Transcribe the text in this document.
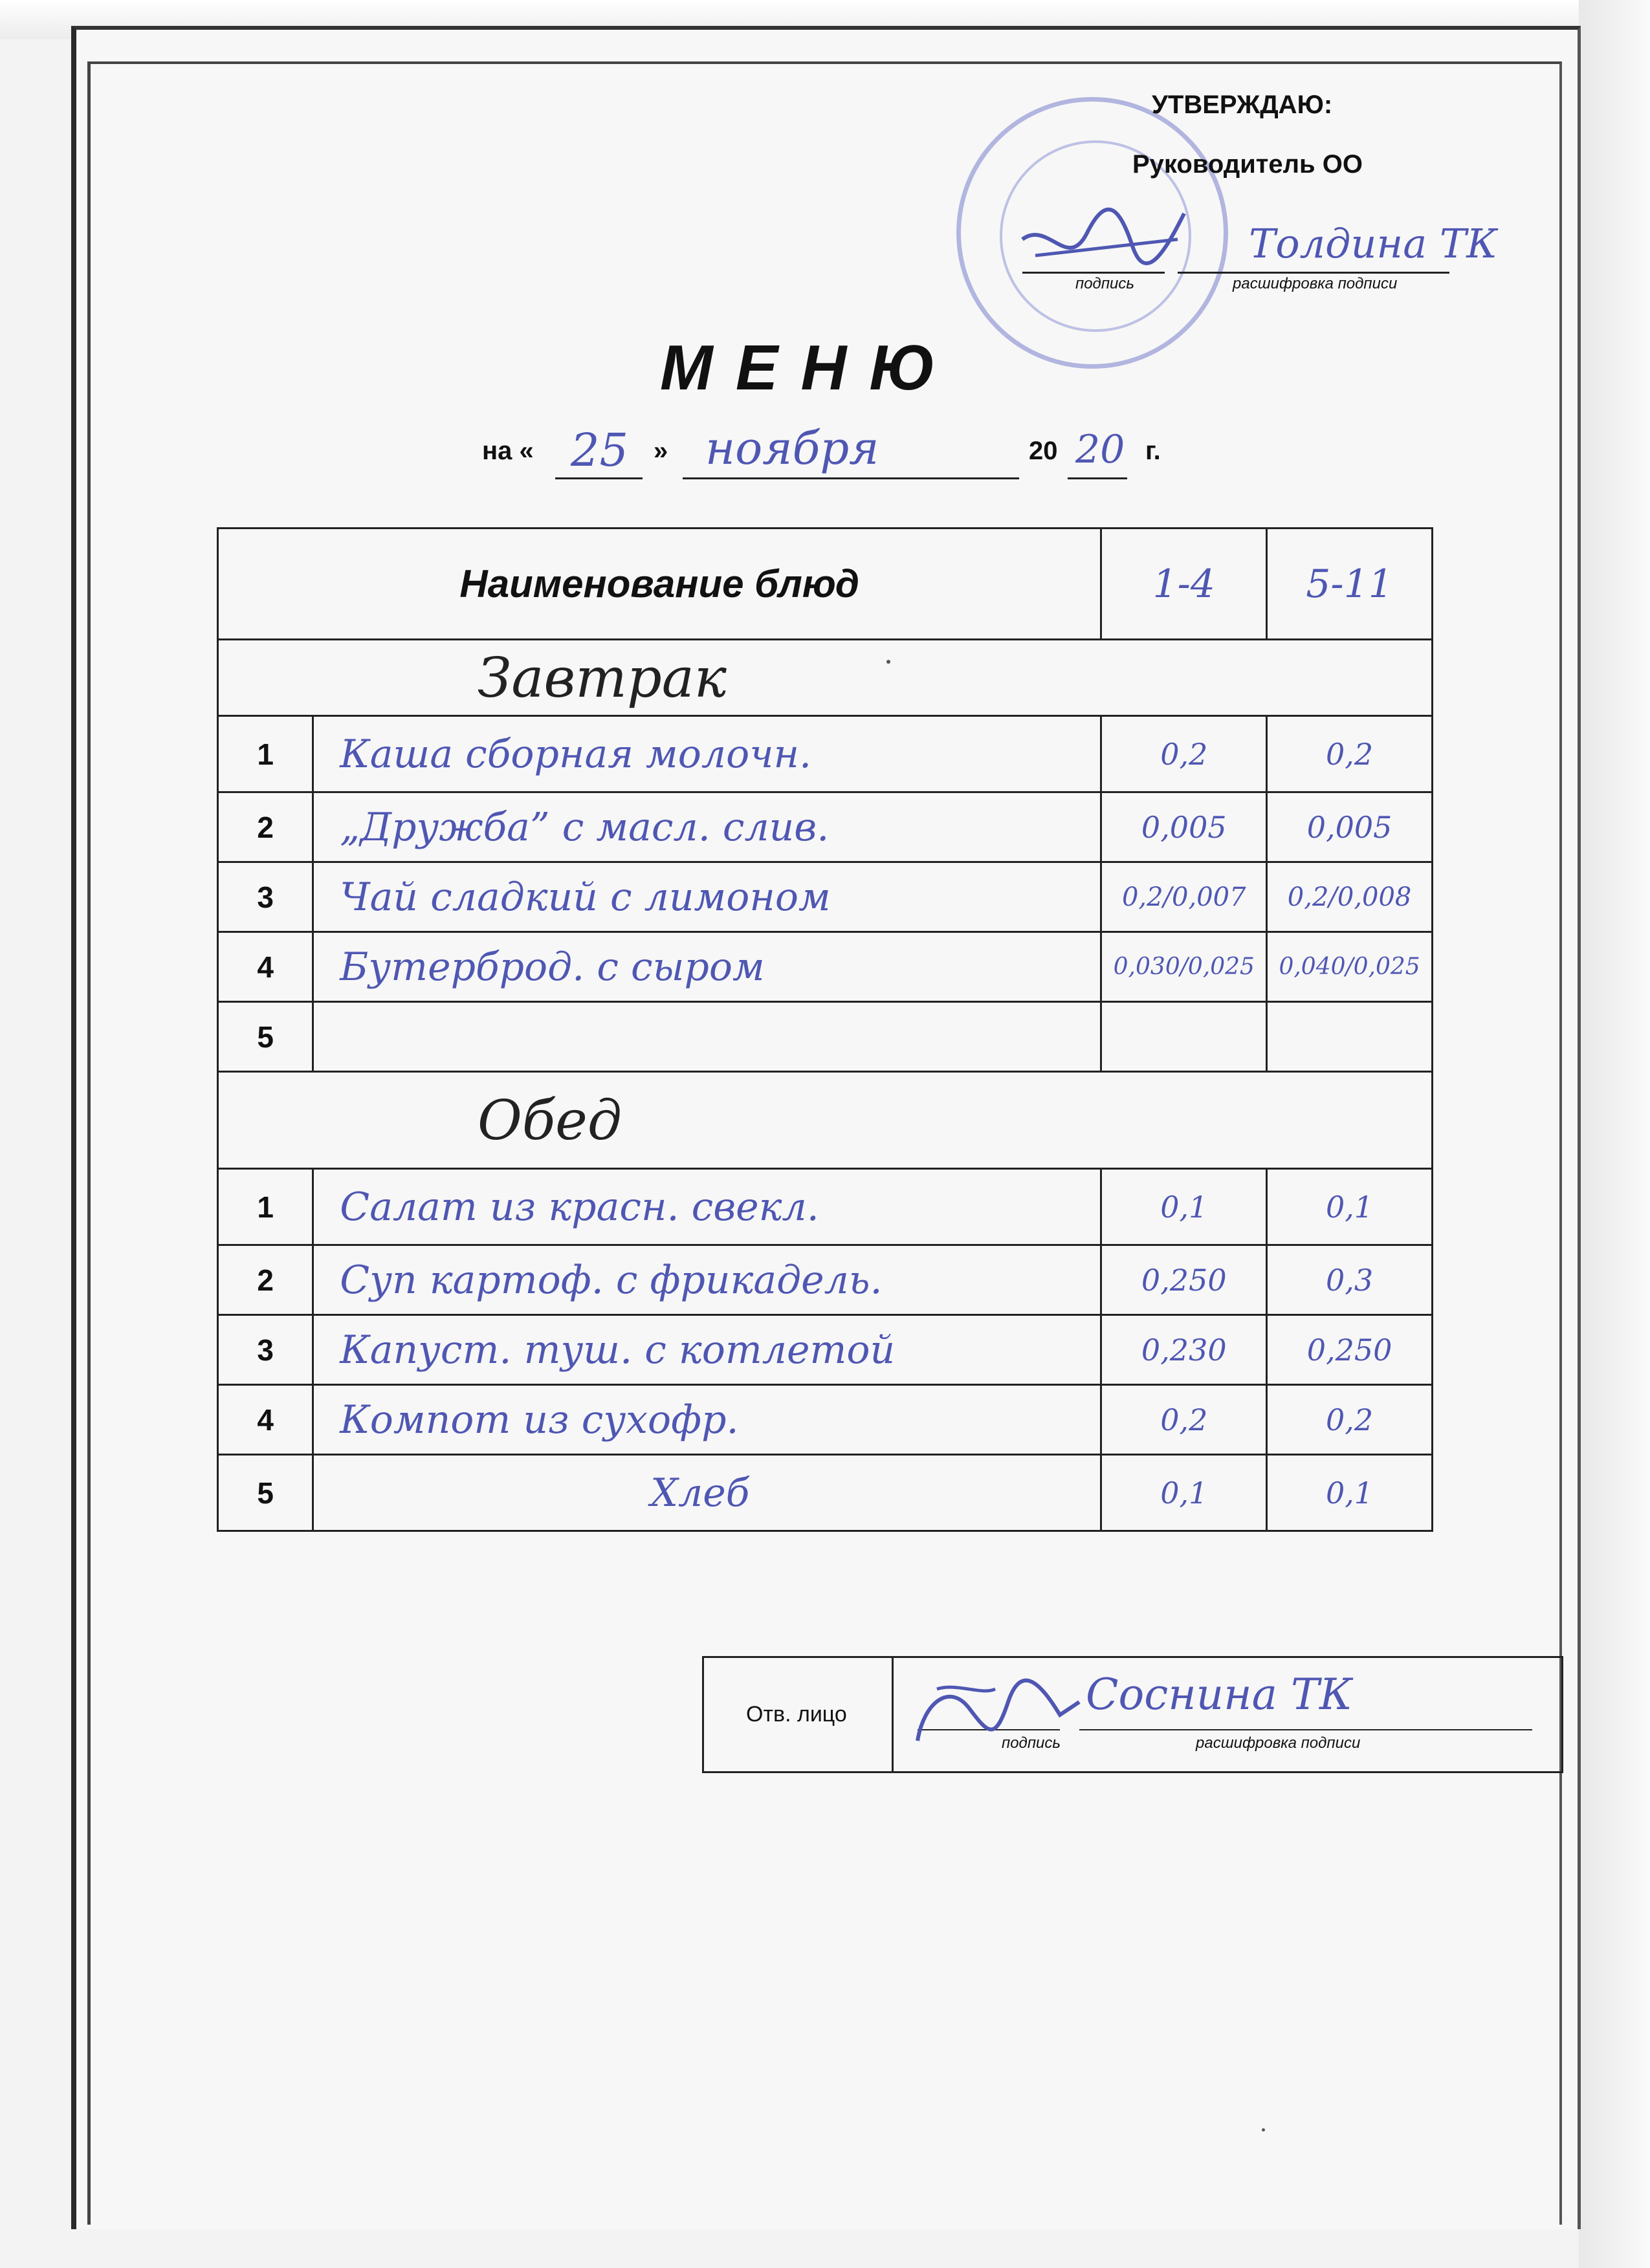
УТВЕРЖДАЮ:
Руководитель ОО
Толдина ТК
подпись	расшифровка подписи
М Е Н Ю
на « 25 » ноября	20 20 г.
Наименование блюд		1-4	5-11
Завтрак			
1	Каша сборная молочн.	0,2	0,2
2	„Дружба” с масл. слив.	0,005	0,005
3	Чай сладкий с лимоном	0,2/0,007	0,2/0,008
4	Бутерброд. с сыром	0,030/0,025	0,040/0,025
5			
Обед			
1	Салат из красн. свекл.	0,1	0,1
2	Суп картоф. с фрикадель.	0,250	0,3
3	Капуст. туш. с котлетой	0,230	0,250
4	Компот из сухофр.	0,2	0,2
5	Хлеб	0,1	0,1
Отв. лицо	Соснина ТК
подпись	расшифровка подписи
